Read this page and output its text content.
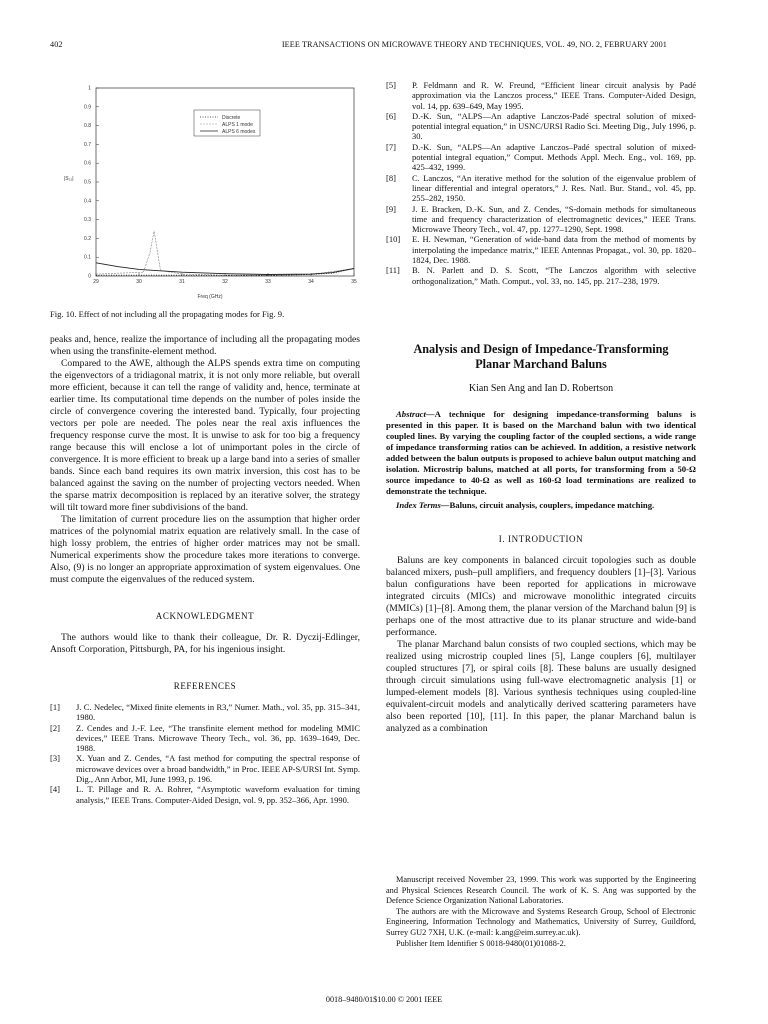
402	IEEE TRANSACTIONS ON MICROWAVE THEORY AND TECHNIQUES, VOL. 49, NO. 2, FEBRUARY 2001
0
0.1
0.2
0.3
0.4
0.5
0.6
0.7
0.8
0.9
1
29	30	31	32	33	34	35
|S₂₁|
Freq (GHz)
Discrete
ALPS 1 mode
ALPS 6 modes
Fig. 10. Effect of not including all the propagating modes for Fig. 9.

peaks and, hence, realize the importance of including all the propagating modes when using the transfinite-element method.

Compared to the AWE, although the ALPS spends extra time on computing the eigenvectors of a tridiagonal matrix, it is not only more reliable, but overall more efficient, because it can tell the range of validity and, hence, terminate at earlier time. Its computational time depends on the number of poles inside the circle of convergence covering the interested band. Typically, four projecting vectors per pole are needed. The poles near the real axis influences the frequency response curve the most. It is unwise to ask for too big a frequency range because this will enclose a lot of unimportant poles in the circle of convergence. It is more efficient to break up a large band into a series of smaller bands. Since each band requires its own matrix inversion, this cost has to be balanced against the saving on the number of projecting vectors needed. When the sparse matrix decomposition is replaced by an iterative solver, the strategy will tilt toward more finer subdivisions of the band.

The limitation of current procedure lies on the assumption that higher order matrices of the polynomial matrix equation are relatively small. In the case of high lossy problem, the entries of higher order matrices may not be small. Numerical experiments show the procedure takes more iterations to converge. Also, (9) is no longer an appropriate approximation of system eigenvalues. One must compute the eigenvalues of the reduced system.

ACKNOWLEDGMENT

The authors would like to thank their colleague, Dr. R. Dyczij-Edlinger, Ansoft Corporation, Pittsburgh, PA, for his ingenious insight.

REFERENCES
[1]	J. C. Nedelec, “Mixed finite elements in R3,” Numer. Math., vol. 35, pp. 315–341, 1980.
[2]	Z. Cendes and J.-F. Lee, “The transfinite element method for modeling MMIC devices,” IEEE Trans. Microwave Theory Tech., vol. 36, pp. 1639–1649, Dec. 1988.
[3]	X. Yuan and Z. Cendes, “A fast method for computing the spectral response of microwave devices over a broad bandwidth,” in Proc. IEEE AP-S/URSI Int. Symp. Dig., Ann Arbor, MI, June 1993, p. 196.
[4]	L. T. Pillage and R. A. Rohrer, “Asymptotic waveform evaluation for timing analysis,” IEEE Trans. Computer-Aided Design, vol. 9, pp. 352–366, Apr. 1990.
[5]	P. Feldmann and R. W. Freund, “Efficient linear circuit analysis by Padé approximation via the Lanczos process,” IEEE Trans. Computer-Aided Design, vol. 14, pp. 639–649, May 1995.
[6]	D.-K. Sun, “ALPS—An adaptive Lanczos-Padé spectral solution of mixed-potential integral equation,” in USNC/URSI Radio Sci. Meeting Dig., July 1996, p. 30.
[7]	D.-K. Sun, “ALPS—An adaptive Lanczos–Padé spectral solution of mixed-potential integral equation,” Comput. Methods Appl. Mech. Eng., vol. 169, pp. 425–432, 1999.
[8]	C. Lanczos, “An iterative method for the solution of the eigenvalue problem of linear differential and integral operators,” J. Res. Natl. Bur. Stand., vol. 45, pp. 255–282, 1950.
[9]	J. E. Bracken, D.-K. Sun, and Z. Cendes, “S-domain methods for simultaneous time and frequency characterization of electromagnetic devices,” IEEE Trans. Microwave Theory Tech., vol. 47, pp. 1277–1290, Sept. 1998.
[10]	E. H. Newman, “Generation of wide-band data from the method of moments by interpolating the impedance matrix,” IEEE Antennas Propagat., vol. 30, pp. 1820–1824, Dec. 1988.
[11]	B. N. Parlett and D. S. Scott, “The Lanczos algorithm with selective orthogonalization,” Math. Comput., vol. 33, no. 145, pp. 217–238, 1979.
Analysis and Design of Impedance-Transforming Planar Marchand Baluns
Kian Sen Ang and Ian D. Robertson
Abstract—A technique for designing impedance-transforming baluns is presented in this paper. It is based on the Marchand balun with two identical coupled lines. By varying the coupling factor of the coupled sections, a wide range of impedance transforming ratios can be achieved. In addition, a resistive network added between the balun outputs is proposed to achieve balun output matching and isolation. Microstrip baluns, matched at all ports, for transforming from a 50-Ω source impedance to 40-Ω as well as 160-Ω load terminations are realized to demonstrate the technique.
Index Terms—Baluns, circuit analysis, couplers, impedance matching.
I. INTRODUCTION

Baluns are key components in balanced circuit topologies such as double balanced mixers, push–pull amplifiers, and frequency doublers [1]–[3]. Various balun configurations have been reported for applications in microwave integrated circuits (MICs) and microwave monolithic integrated circuits (MMICs) [1]–[8]. Among them, the planar version of the Marchand balun [9] is perhaps one of the most attractive due to its planar structure and wide-band performance.

The planar Marchand balun consists of two coupled sections, which may be realized using microstrip coupled lines [5], Lange couplers [6], multilayer coupled structures [7], or spiral coils [8]. These baluns are usually designed through circuit simulations using full-wave electromagnetic analysis [1] or lumped-element models [8]. Various synthesis techniques using coupled-line equivalent-circuit models and analytically derived scattering parameters have also been reported [10], [11]. In this paper, the planar Marchand balun is analyzed as a combination

Manuscript received November 23, 1999. This work was supported by the Engineering and Physical Sciences Research Council. The work of K. S. Ang was supported by the Defence Science Organization National Laboratories.

The authors are with the Microwave and Systems Research Group, School of Electronic Engineering, Information Technology and Mathematics, University of Surrey, Guildford, Surrey GU2 7XH, U.K. (e-mail: k.ang@eim.surrey.ac.uk).

Publisher Item Identifier S 0018-9480(01)01088-2.

0018–9480/01$10.00 © 2001 IEEE
